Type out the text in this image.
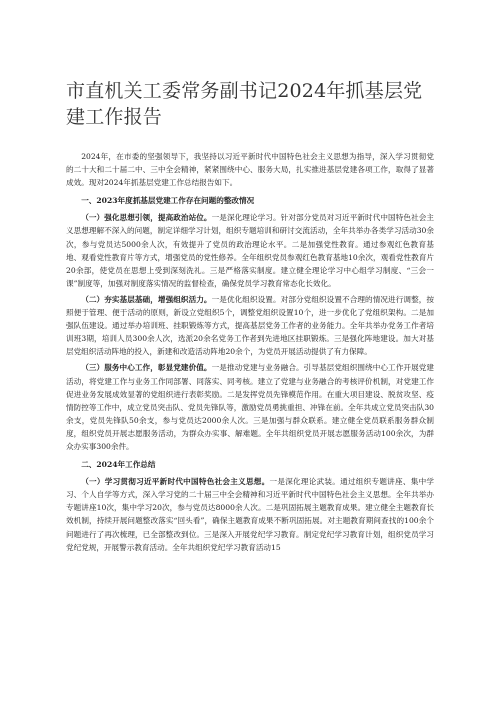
市直机关工委常务副书记2024年抓基层党建工作报告

2024年，在市委的坚强领导下，我坚持以习近平新时代中国特色社会主义思想为指导，深入学习贯彻党的二十大和二十届二中、三中全会精神，紧紧围绕中心、服务大局，扎实推进基层党建各项工作，取得了显著成效。现对2024年抓基层党建工作总结报告如下。

一、2023年度抓基层党建工作存在问题的整改情况

（一）强化思想引领，提高政治站位。一是深化理论学习。针对部分党员对习近平新时代中国特色社会主义思想理解不深入的问题，制定详细学习计划，组织专题培训和研讨交流活动，全年共举办各类学习活动30余次，参与党员达5000余人次，有效提升了党员的政治理论水平。二是加强党性教育。通过参观红色教育基地、观看党性教育片等方式，增强党员的党性修养。全年组织党员参观红色教育基地10余次，观看党性教育片20余部，使党员在思想上受到深刻洗礼。三是严格落实制度。建立健全理论学习中心组学习制度、“三会一课”制度等，加强对制度落实情况的监督检查，确保党员学习教育常态化长效化。

（二）夯实基层基础，增强组织活力。一是优化组织设置。对部分党组织设置不合理的情况进行调整，按照便于管理、便于活动的原则，新设立党组织5个，调整党组织设置10个，进一步优化了党组织架构。二是加强队伍建设。通过举办培训班、挂职锻炼等方式，提高基层党务工作者的业务能力。全年共举办党务工作者培训班3期，培训人员300余人次，选派20余名党务工作者到先进地区挂职锻炼。三是强化阵地建设。加大对基层党组织活动阵地的投入，新建和改造活动阵地20余个，为党员开展活动提供了有力保障。

（三）服务中心工作，彰显党建价值。一是推动党建与业务融合。引导基层党组织围绕中心工作开展党建活动，将党建工作与业务工作同部署、同落实、同考核。建立了党建与业务融合的考核评价机制，对党建工作促进业务发展成效显著的党组织进行表彰奖励。二是发挥党员先锋模范作用。在重大项目建设、脱贫攻坚、疫情防控等工作中，成立党员突击队、党员先锋队等，激励党员勇挑重担、冲锋在前。全年共成立党员突击队30余支，党员先锋队50余支，参与党员达2000余人次。三是加强与群众联系。建立健全党员联系服务群众制度，组织党员开展志愿服务活动，为群众办实事、解难题。全年共组织党员开展志愿服务活动100余次，为群众办实事300余件。

二、2024年工作总结

（一）学习贯彻习近平新时代中国特色社会主义思想。一是深化理论武装。通过组织专题讲座、集中学习、个人自学等方式，深入学习党的二十届三中全会精神和习近平新时代中国特色社会主义思想。全年共举办专题讲座10次，集中学习20次，参与党员达8000余人次。二是巩固拓展主题教育成果。建立健全主题教育长效机制，持续开展问题整改落实“回头看”，确保主题教育成果不断巩固拓展。对主题教育期间查找的100余个问题进行了再次梳理，已全部整改到位。三是深入开展党纪学习教育。制定党纪学习教育计划，组织党员学习党纪党规，开展警示教育活动。全年共组织党纪学习教育活动15
